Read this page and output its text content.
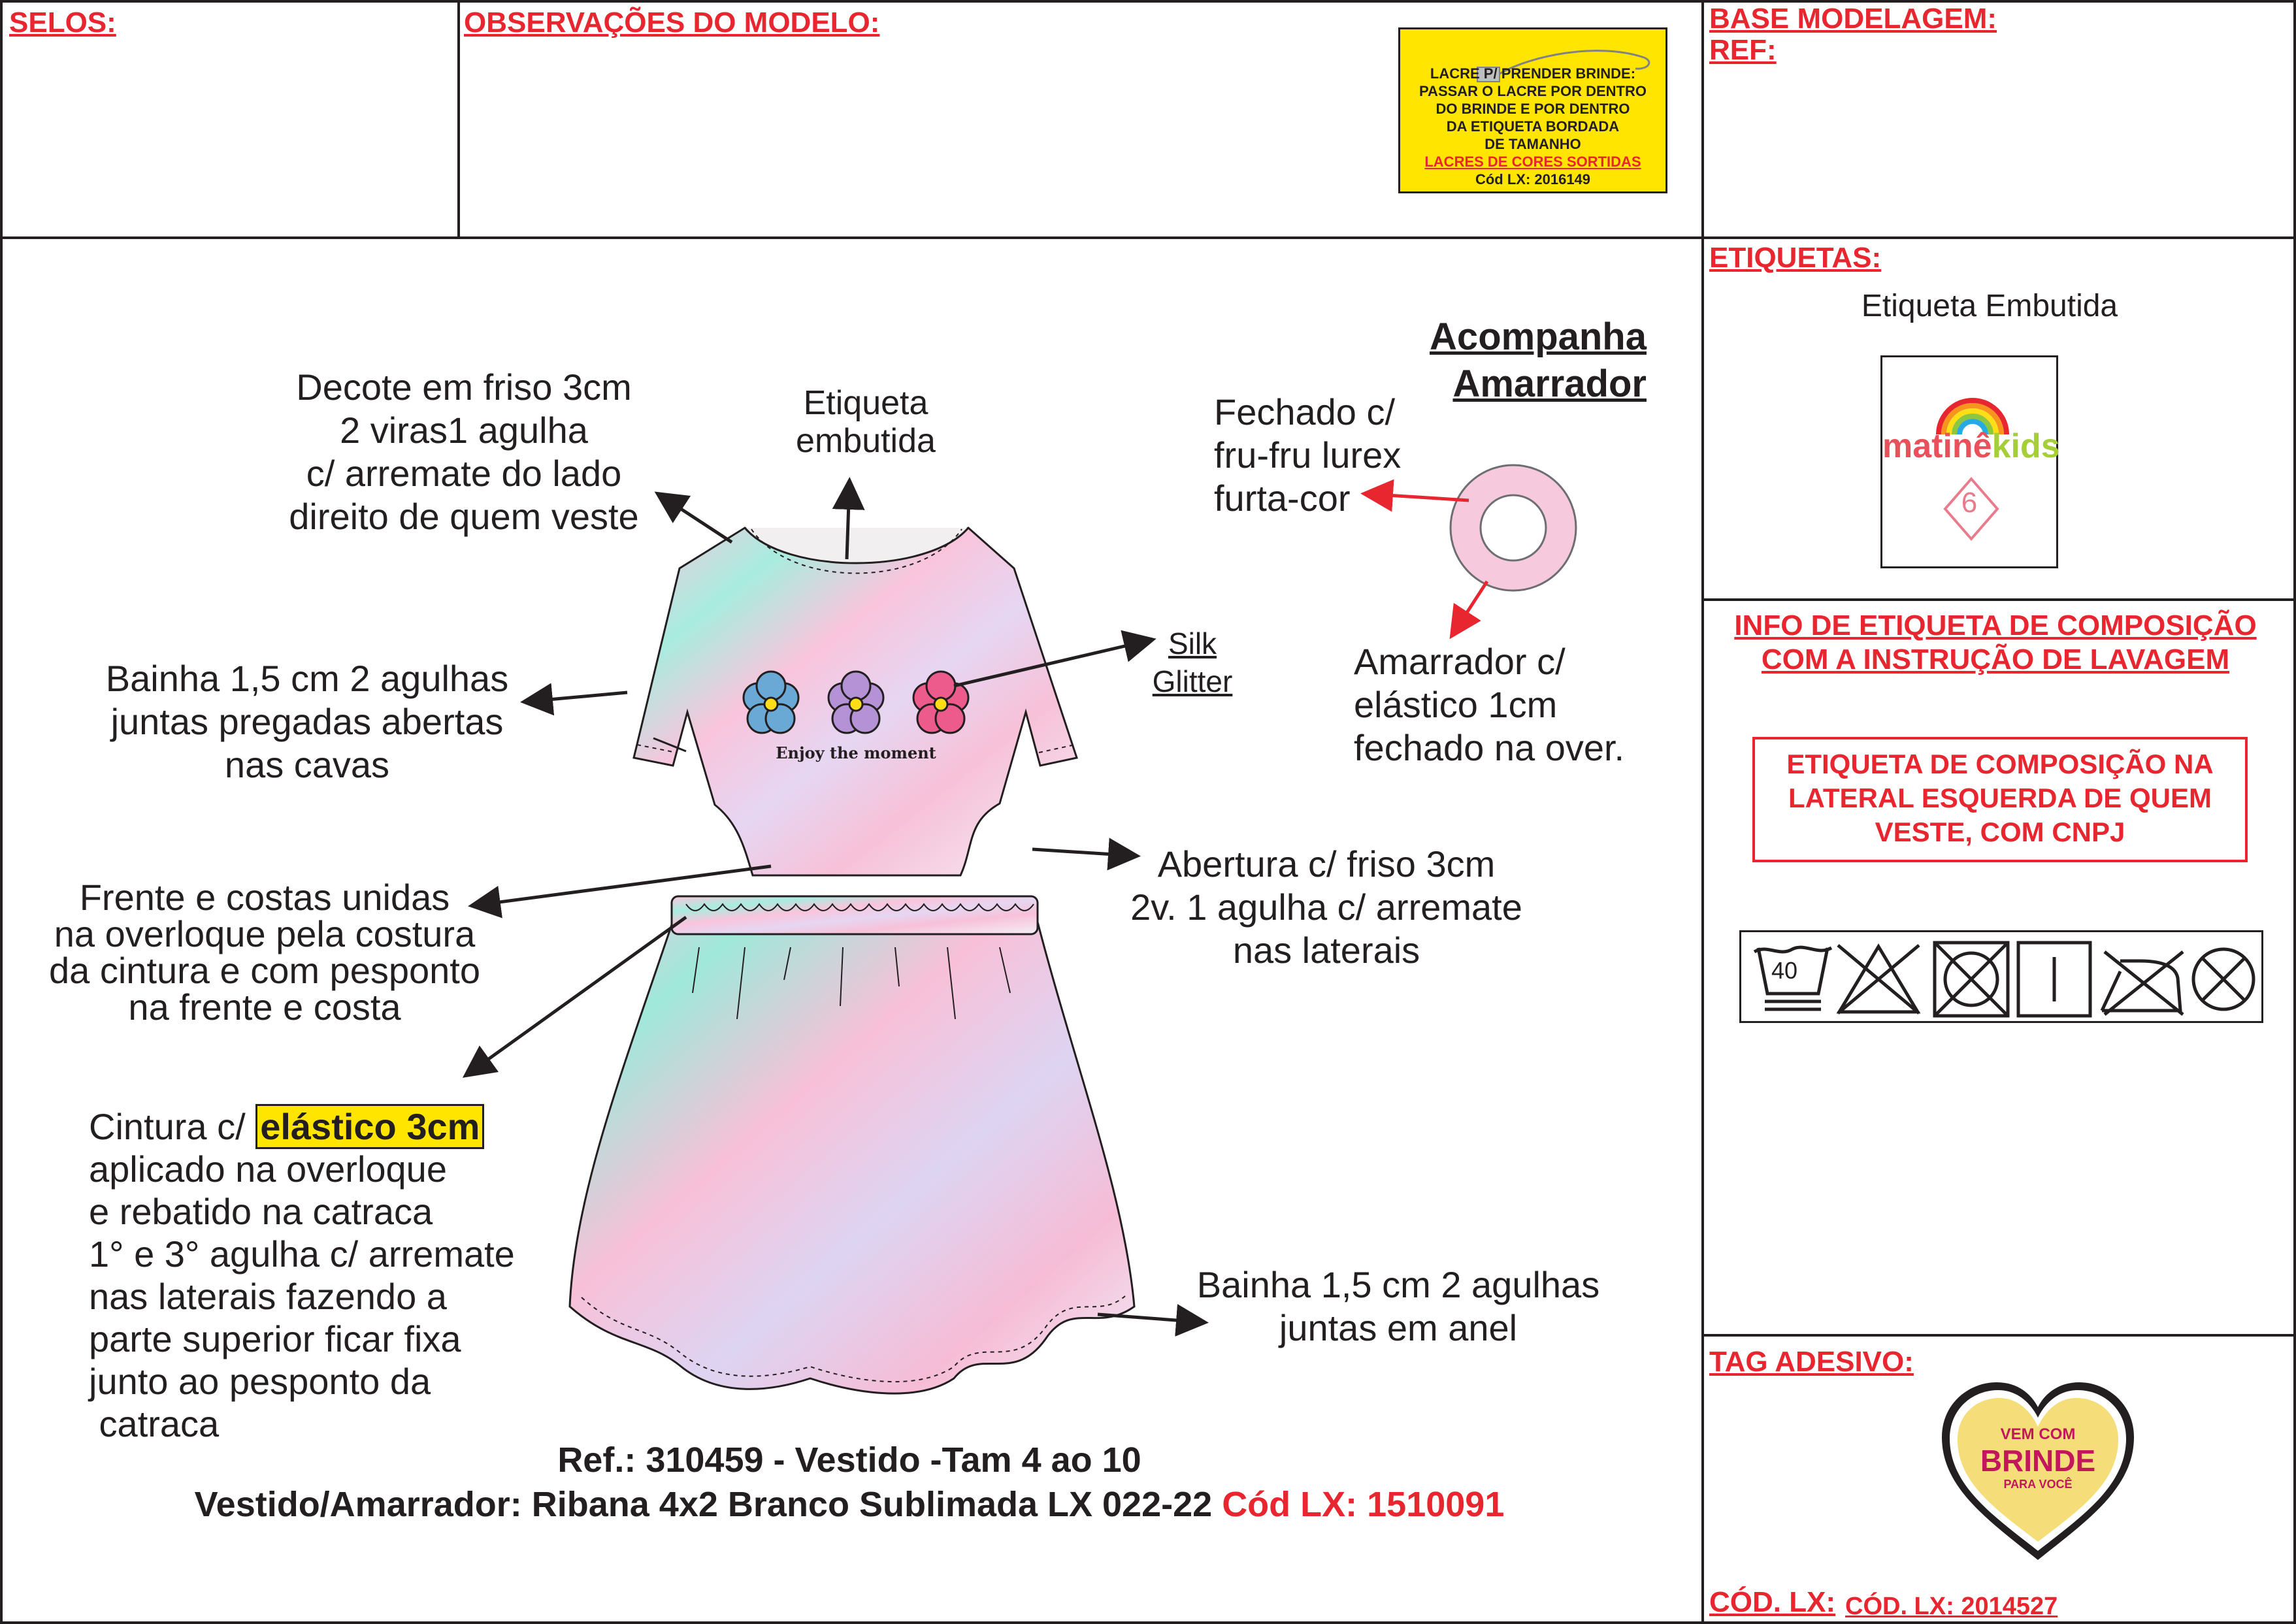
SELOS:	OBSERVAÇÕES DO MODELO:	BASE MODELAGEM:
REF:
ETIQUETAS:
INFO DE ETIQUETA DE COMPOSIÇÃO COM A INSTRUÇÃO DE LAVAGEM
TAG ADESIVO:
CÓD. LX: CÓD. LX: 2014527
LACRE P/ PRENDER BRINDE:
PASSAR O LACRE POR DENTRO
DO BRINDE E POR DENTRO
DA ETIQUETA BORDADA
DE TAMANHO
LACRES DE CORES SORTIDAS
Cód LX: 2016149
Etiqueta Embutida
matinêkids
6
ETIQUETA DE COMPOSIÇÃO NA LATERAL ESQUERDA DE QUEM VESTE, COM CNPJ
40
VEM COM
BRINDE
PARA VOCÊ
Enjoy the moment
Decote em friso 3cm
2 viras1 agulha
c/ arremate do lado
direito de quem veste
Etiqueta
embutida
Acompanha
Amarrador
Fechado c/
fru-fru lurex
furta-cor
Silk
Glitter
Bainha 1,5 cm 2 agulhas
juntas pregadas abertas
nas cavas
Amarrador c/
elástico 1cm
fechado na over.
Abertura c/ friso 3cm
2v. 1 agulha c/ arremate
nas laterais
Frente e costas unidas
na overloque pela costura
da cintura e com pesponto
na frente e costa
Cintura c/ elástico 3cm
aplicado na overloque
e rebatido na catraca
1° e 3° agulha c/ arremate
nas laterais fazendo a
parte superior ficar fixa
junto ao pesponto da
catraca
Bainha 1,5 cm 2 agulhas
juntas em anel
Ref.: 310459 - Vestido -Tam 4 ao 10
Vestido/Amarrador: Ribana 4x2 Branco Sublimada LX 022-22 Cód LX: 1510091
